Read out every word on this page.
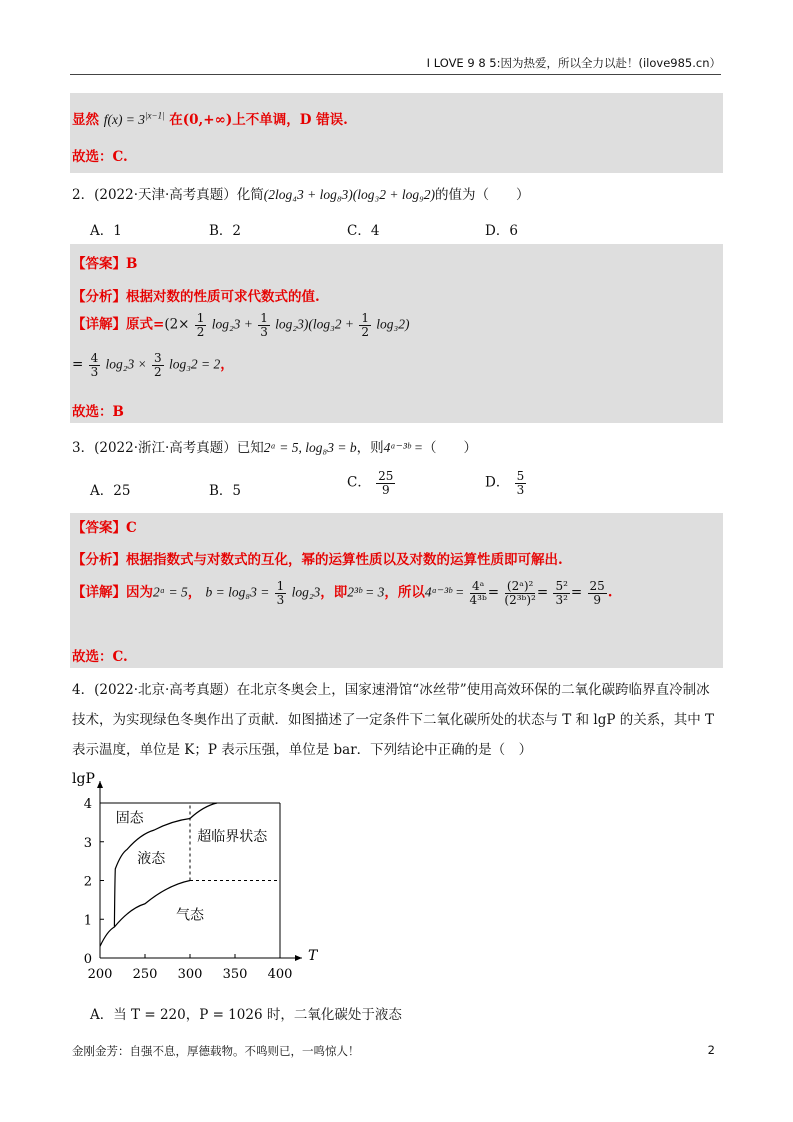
I LOVE 9 8 5:因为热爱，所以全力以赴！(ilove985.cn）
显然 $f(x) = 3^{|x-1|}$ 在(0,+∞)上不单调，D 错误.
故选：C.
2．(2022·天津·高考真题）化简(2log₄3 + log₈3)(log₃2 + log₉2)的值为（　　）
A．1	B．2	C．4	D．6
【答案】B
【分析】根据对数的性质可求代数式的值.
【详解】原式$=(2\times \frac{1}{2} \log_23 + \frac{1}{3} \log_23)(\log_32 + \frac{1}{2} \log_32)$
= $\frac{4}{3} \log_23 \times \frac{3}{2} \log_32 = 2$，
故选：B
3．(2022·浙江·高考真题）已知2ᵃ = 5, log₈3 = b，则4ᵃ⁻³ᵇ =（　　）
A．25	B．5
C． $\frac{25}{9}$	D． $\frac{5}{3}$
【答案】C
【分析】根据指数式与对数式的互化，幂的运算性质以及对数的运算性质即可解出.
【详解】因为2ᵃ = 5， $b = \log_83 = \frac{1}{3} \log_23$，即2³ᵇ = 3，所以4ᵃ⁻³ᵇ = $\frac{\text{4ᵃ}}{\text{4³ᵇ}} = \frac{\text{(2ᵃ)²}}{\text{(2³ᵇ)²}} = \frac{\text{5²}}{\text{3²}} = \frac{25}{9}$ .
故选：C.
4．(2022·北京·高考真题）在北京冬奥会上，国家速滑馆“冰丝带”使用高效环保的二氧化碳跨临界直冷制冰
技术，为实现绿色冬奥作出了贡献．如图描述了一定条件下二氧化碳所处的状态与 T 和 lgP 的关系，其中 T
表示温度，单位是 K；P 表示压强，单位是 bar．下列结论中正确的是（　）
200 250 300 350 400
0
1
2
3
4
T
lgP
固态
液态
超临界状态
气态
A．当 T = 220，P = 1026 时，二氧化碳处于液态
金刚金芳：自强不息，厚德载物。不鸣则已，一鸣惊人！	2
